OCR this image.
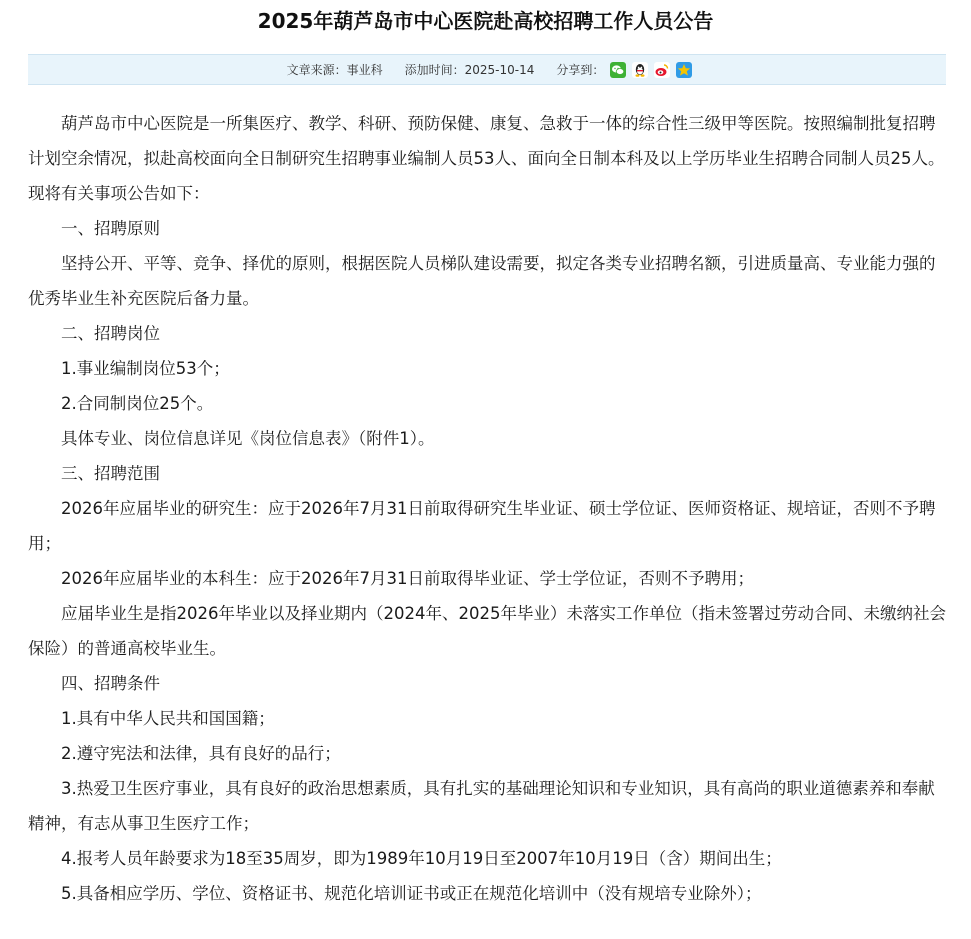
2025年葫芦岛市中心医院赴高校招聘工作人员公告
文章来源：事业科 添加时间：2025-10-14 分享到：

　　葫芦岛市中心医院是一所集医疗、教学、科研、预防保健、康复、急救于一体的综合性三级甲等医院。按照编制批复招聘计划空余情况，拟赴高校面向全日制研究生招聘事业编制人员53人、面向全日制本科及以上学历毕业生招聘合同制人员25人。现将有关事项公告如下：

　　一、招聘原则

　　坚持公开、平等、竞争、择优的原则，根据医院人员梯队建设需要，拟定各类专业招聘名额，引进质量高、专业能力强的优秀毕业生补充医院后备力量。

　　二、招聘岗位

　　1.事业编制岗位53个；

　　2.合同制岗位25个。

　　具体专业、岗位信息详见《岗位信息表》（附件1）。

　　三、招聘范围

　　2026年应届毕业的研究生：应于2026年7月31日前取得研究生毕业证、硕士学位证、医师资格证、规培证，否则不予聘用；

　　2026年应届毕业的本科生：应于2026年7月31日前取得毕业证、学士学位证，否则不予聘用；

　　应届毕业生是指2026年毕业以及择业期内（2024年、2025年毕业）未落实工作单位（指未签署过劳动合同、未缴纳社会保险）的普通高校毕业生。

　　四、招聘条件

　　1.具有中华人民共和国国籍；

　　2.遵守宪法和法律，具有良好的品行；

　　3.热爱卫生医疗事业，具有良好的政治思想素质，具有扎实的基础理论知识和专业知识，具有高尚的职业道德素养和奉献精神，有志从事卫生医疗工作；

　　4.报考人员年龄要求为18至35周岁，即为1989年10月19日至2007年10月19日（含）期间出生；

　　5.具备相应学历、学位、资格证书、规范化培训证书或正在规范化培训中（没有规培专业除外）；
